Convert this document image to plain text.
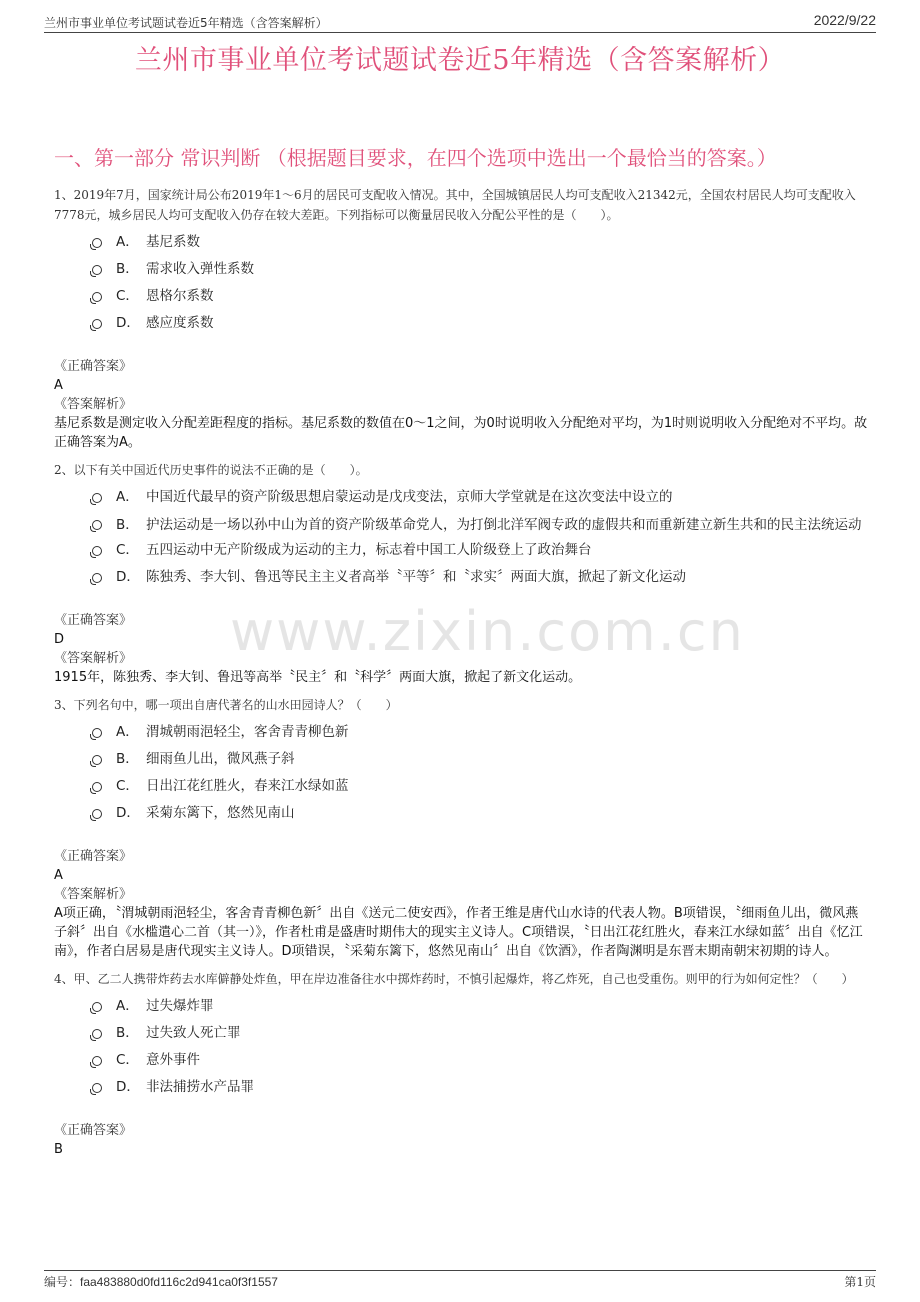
兰州市事业单位考试题试卷近5年精选（含答案解析）	2022/9/22
兰州市事业单位考试题试卷近5年精选（含答案解析）
一、第一部分 常识判断 （根据题目要求，在四个选项中选出一个最恰当的答案。）
www.zixin.com.cn
1、2019年7月，国家统计局公布2019年1～6月的居民可支配收入情况。其中，全国城镇居民人均可支配收入21342元，全国农村居民人均可支配收入7778元，城乡居民人均可支配收入仍存在较大差距。下列指标可以衡量居民收入分配公平性的是（　　）。
A． 基尼系数
B． 需求收入弹性系数
C． 恩格尔系数
D． 感应度系数
《正确答案》
A
《答案解析》
基尼系数是测定收入分配差距程度的指标。基尼系数的数值在0～1之间，为0时说明收入分配绝对平均，为1时则说明收入分配绝对不平均。故正确答案为A。
2、以下有关中国近代历史事件的说法不正确的是（　　）。
A． 中国近代最早的资产阶级思想启蒙运动是戊戌变法，京师大学堂就是在这次变法中设立的
B． 护法运动是一场以孙中山为首的资产阶级革命党人，为打倒北洋军阀专政的虚假共和而重新建立新生共和的民主法统运动
C． 五四运动中无产阶级成为运动的主力，标志着中国工人阶级登上了政治舞台
D． 陈独秀、李大钊、鲁迅等民主主义者高举〝平等〞和〝求实〞两面大旗，掀起了新文化运动
《正确答案》
D
《答案解析》
1915年，陈独秀、李大钊、鲁迅等高举〝民主〞和〝科学〞两面大旗，掀起了新文化运动。
3、下列名句中，哪一项出自唐代著名的山水田园诗人？（　　）
A． 渭城朝雨浥轻尘，客舍青青柳色新
B． 细雨鱼儿出，微风燕子斜
C． 日出江花红胜火，春来江水绿如蓝
D． 采菊东篱下，悠然见南山
《正确答案》
A
《答案解析》
A项正确，〝渭城朝雨浥轻尘，客舍青青柳色新〞出自《送元二使安西》，作者王维是唐代山水诗的代表人物。B项错误，〝细雨鱼儿出，微风燕子斜〞出自《水槛遣心二首（其一）》，作者杜甫是盛唐时期伟大的现实主义诗人。C项错误，〝日出江花红胜火，春来江水绿如蓝〞出自《忆江南》，作者白居易是唐代现实主义诗人。D项错误，〝采菊东篱下，悠然见南山〞出自《饮酒》，作者陶渊明是东晋末期南朝宋初期的诗人。
4、甲、乙二人携带炸药去水库僻静处炸鱼，甲在岸边准备往水中掷炸药时，不慎引起爆炸，将乙炸死，自己也受重伤。则甲的行为如何定性？（　　）
A． 过失爆炸罪
B． 过失致人死亡罪
C． 意外事件
D． 非法捕捞水产品罪
《正确答案》
B
编号：faa483880d0fd116c2d941ca0f3f1557	第1页
